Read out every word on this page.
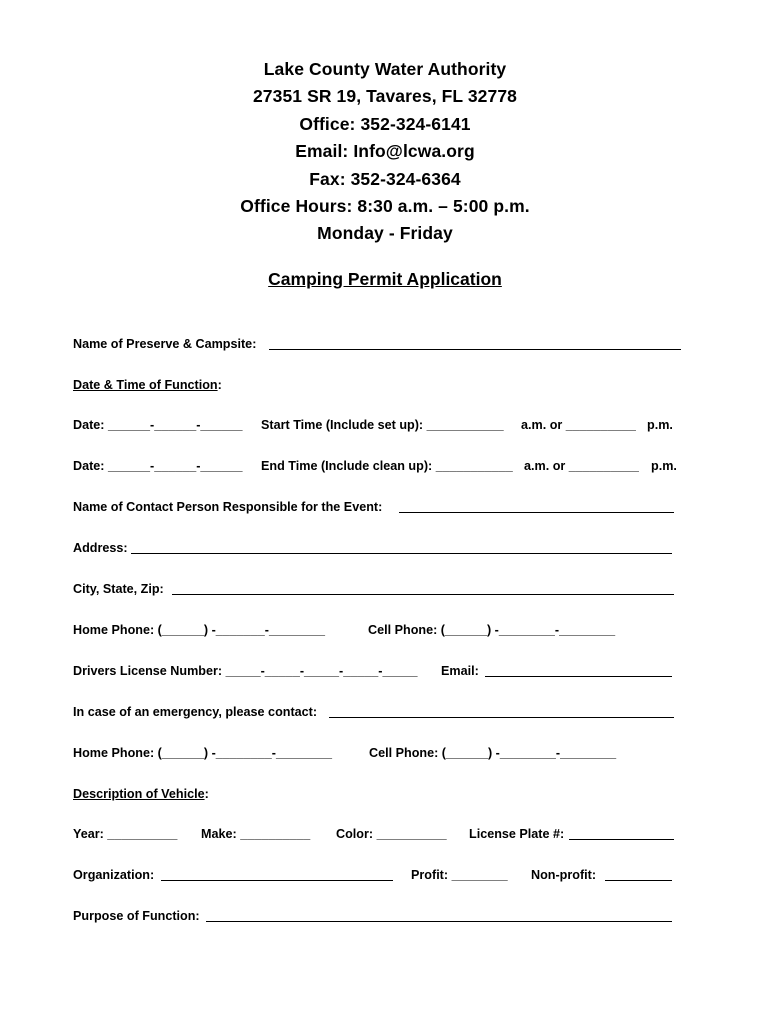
Lake County Water Authority
27351 SR 19, Tavares, FL 32778
Office: 352-324-6141
Email: Info@lcwa.org
Fax: 352-324-6364
Office Hours: 8:30 a.m. – 5:00 p.m.
Monday - Friday
Camping Permit Application
Name of Preserve & Campsite:
Date & Time of Function:
Date: ______-______-______ Start Time (Include set up): ___________ a.m. or __________ p.m.
Date: ______-______-______ End Time (Include clean up): ___________ a.m. or __________ p.m.
Name of Contact Person Responsible for the Event:
Address:
City, State, Zip:
Home Phone: (______) -_______-________	Cell Phone: (______) -________-________
Drivers License Number: _____-_____-_____-_____-_____ Email:
In case of an emergency, please contact:
Home Phone: (______) -________-________	Cell Phone: (______) -________-________
Description of Vehicle:
Year: __________ Make: __________ Color: __________ License Plate #:
Organization:	Profit: ________ Non-profit:
Purpose of Function:
